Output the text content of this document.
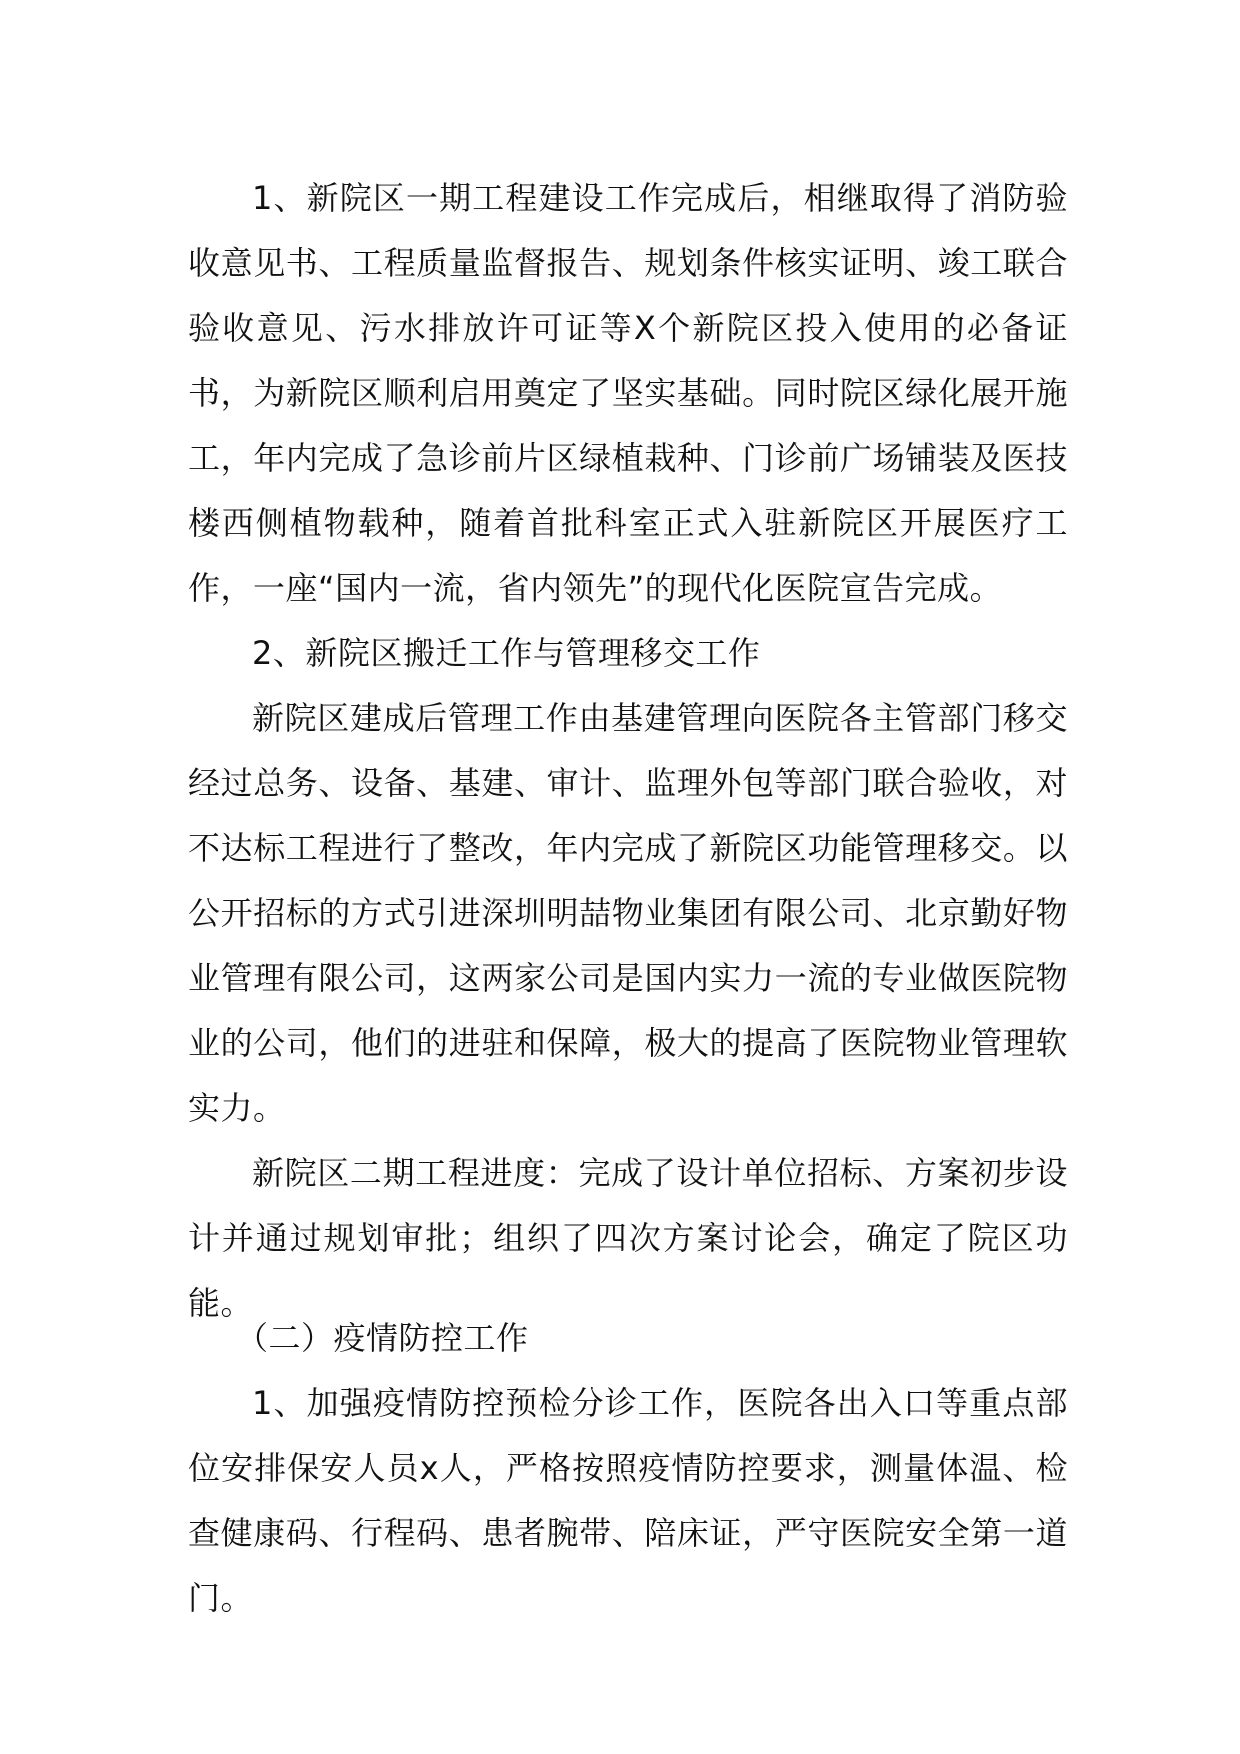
1、新院区一期工程建设工作完成后，相继取得了消防验收意见书、工程质量监督报告、规划条件核实证明、竣工联合验收意见、污水排放许可证等X个新院区投入使用的必备证书，为新院区顺利启用奠定了坚实基础。同时院区绿化展开施工，年内完成了急诊前片区绿植栽种、门诊前广场铺装及医技楼西侧植物载种，随着首批科室正式入驻新院区开展医疗工作，一座“国内一流，省内领先”的现代化医院宣告完成。

2、新院区搬迁工作与管理移交工作

新院区建成后管理工作由基建管理向医院各主管部门移交经过总务、设备、基建、审计、监理外包等部门联合验收，对不达标工程进行了整改，年内完成了新院区功能管理移交。以公开招标的方式引进深圳明喆物业集团有限公司、北京勤好物业管理有限公司，这两家公司是国内实力一流的专业做医院物业的公司，他们的进驻和保障，极大的提高了医院物业管理软实力。

新院区二期工程进度：完成了设计单位招标、方案初步设计并通过规划审批；组织了四次方案讨论会，确定了院区功能。

（二）疫情防控工作

1、加强疫情防控预检分诊工作，医院各出入口等重点部位安排保安人员x人，严格按照疫情防控要求，测量体温、检查健康码、行程码、患者腕带、陪床证，严守医院安全第一道门。
